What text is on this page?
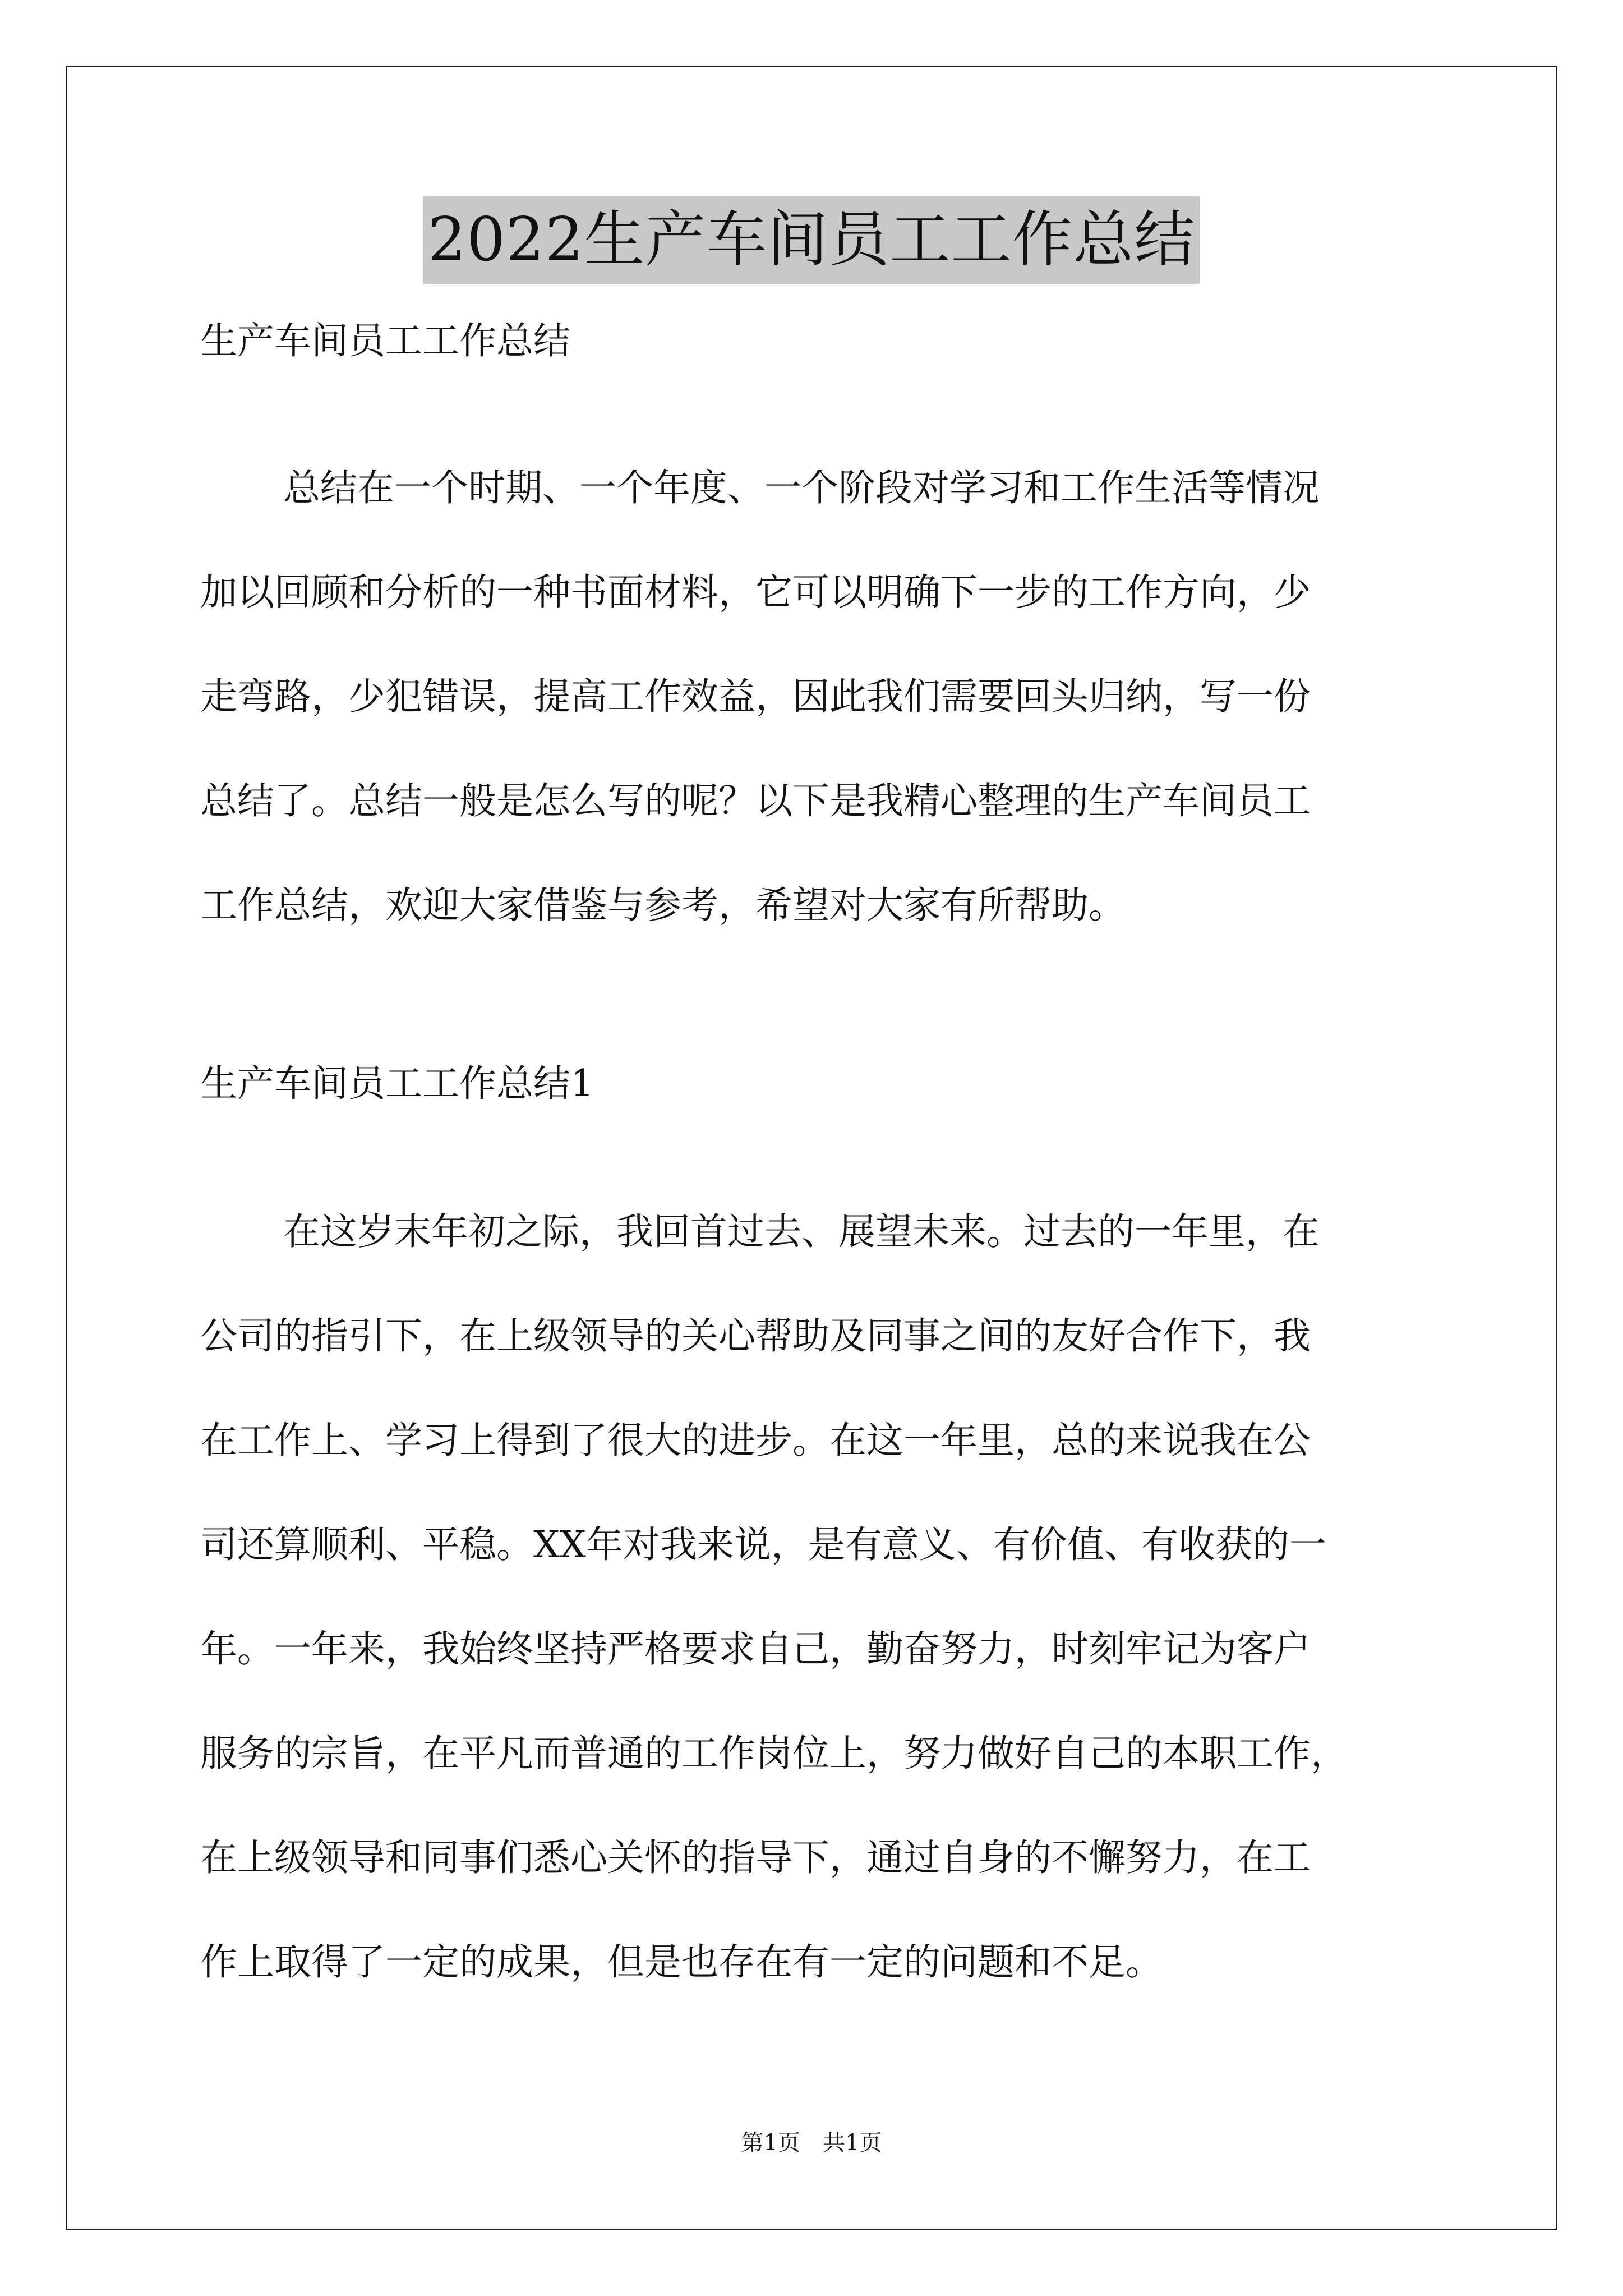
2022生产车间员工工作总结
生产车间员工工作总结
总结在一个时期、一个年度、一个阶段对学习和工作生活等情况
加以回顾和分析的一种书面材料，它可以明确下一步的工作方向，少
走弯路，少犯错误，提高工作效益，因此我们需要回头归纳，写一份
总结了。总结一般是怎么写的呢？以下是我精心整理的生产车间员工
工作总结，欢迎大家借鉴与参考，希望对大家有所帮助。
生产车间员工工作总结1
在这岁末年初之际，我回首过去、展望未来。过去的一年里，在
公司的指引下，在上级领导的关心帮助及同事之间的友好合作下，我
在工作上、学习上得到了很大的进步。在这一年里，总的来说我在公
司还算顺利、平稳。XX年对我来说，是有意义、有价值、有收获的一
年。一年来，我始终坚持严格要求自己，勤奋努力，时刻牢记为客户
服务的宗旨，在平凡而普通的工作岗位上，努力做好自己的本职工作，
在上级领导和同事们悉心关怀的指导下，通过自身的不懈努力，在工
作上取得了一定的成果，但是也存在有一定的问题和不足。
第1页　共1页
